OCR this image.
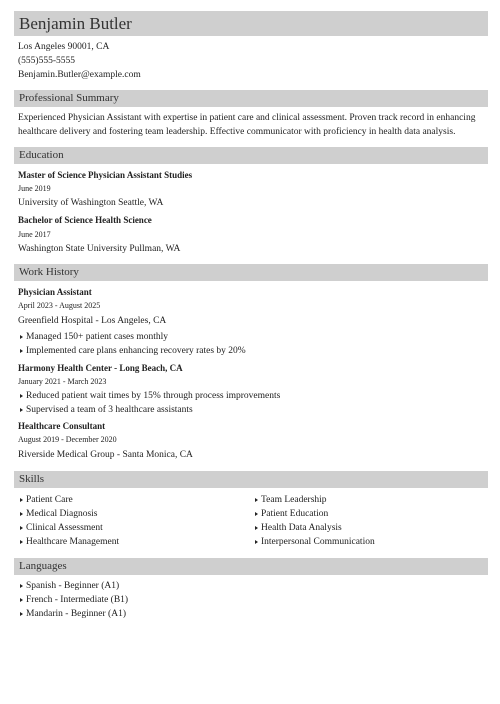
Benjamin Butler
Los Angeles 90001, CA
(555)555-5555
Benjamin.Butler@example.com
Professional Summary
Experienced Physician Assistant with expertise in patient care and clinical assessment. Proven track record in enhancing healthcare delivery and fostering team leadership. Effective communicator with proficiency in health data analysis.
Education
Master of Science Physician Assistant Studies
June 2019
University of Washington Seattle, WA
Bachelor of Science Health Science
June 2017
Washington State University Pullman, WA
Work History
Physician Assistant
April 2023 - August 2025
Greenfield Hospital - Los Angeles, CA
Managed 150+ patient cases monthly
Implemented care plans enhancing recovery rates by 20%
Harmony Health Center - Long Beach, CA
January 2021 - March 2023
Reduced patient wait times by 15% through process improvements
Supervised a team of 3 healthcare assistants
Healthcare Consultant
August 2019 - December 2020
Riverside Medical Group - Santa Monica, CA
Skills
Patient Care
Medical Diagnosis
Clinical Assessment
Healthcare Management
Team Leadership
Patient Education
Health Data Analysis
Interpersonal Communication
Languages
Spanish - Beginner (A1)
French - Intermediate (B1)
Mandarin - Beginner (A1)
